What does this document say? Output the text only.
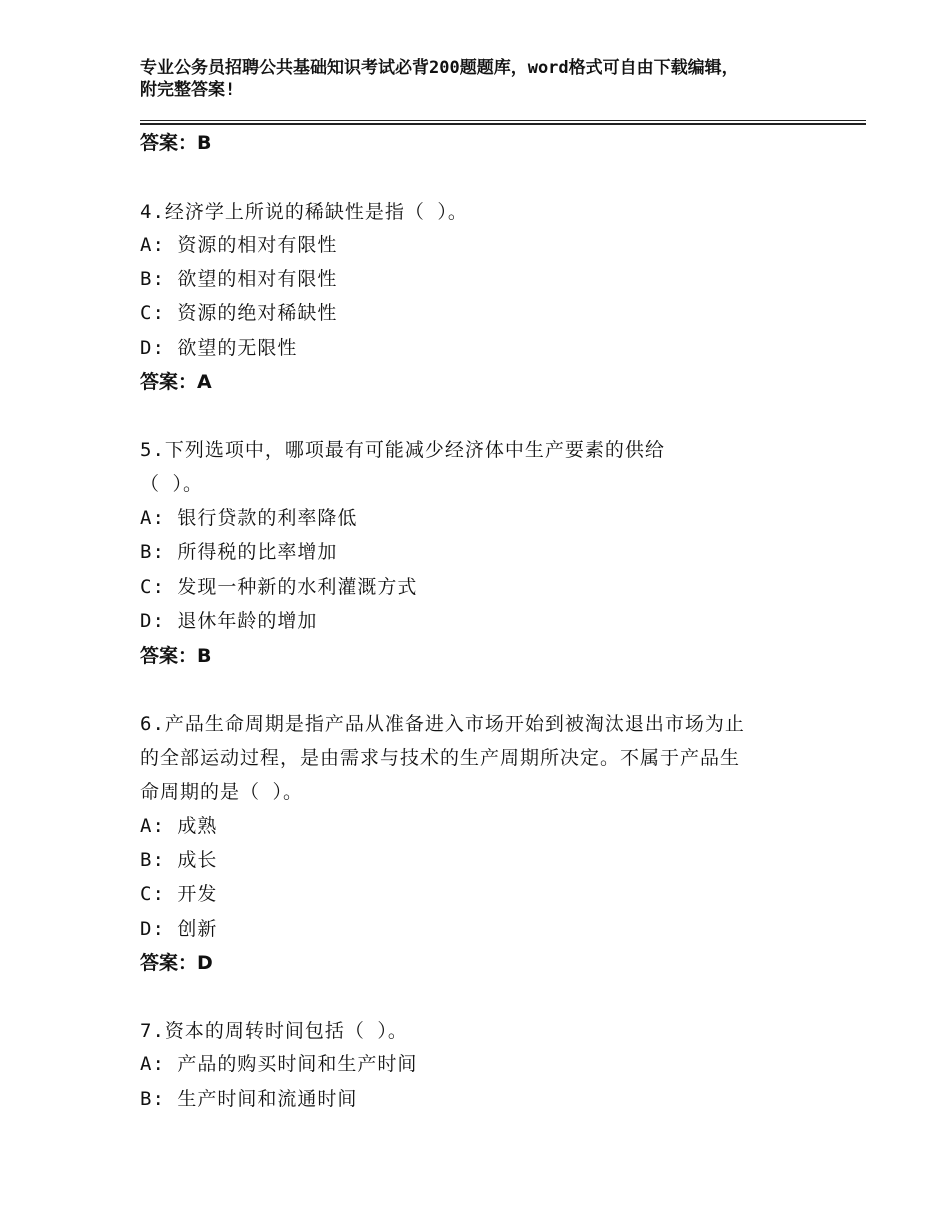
专业公务员招聘公共基础知识考试必背200题题库，word格式可自由下载编辑，
附完整答案!
答案：B
4.经济学上所说的稀缺性是指（ ）。
A: 资源的相对有限性
B: 欲望的相对有限性
C: 资源的绝对稀缺性
D: 欲望的无限性
答案：A
5.下列选项中，哪项最有可能减少经济体中生产要素的供给
（ ）。
A: 银行贷款的利率降低
B: 所得税的比率增加
C: 发现一种新的水利灌溉方式
D: 退休年龄的增加
答案：B
6.产品生命周期是指产品从准备进入市场开始到被淘汰退出市场为止
的全部运动过程，是由需求与技术的生产周期所决定。不属于产品生
命周期的是（ ）。
A: 成熟
B: 成长
C: 开发
D: 创新
答案：D
7.资本的周转时间包括（ ）。
A: 产品的购买时间和生产时间
B: 生产时间和流通时间
